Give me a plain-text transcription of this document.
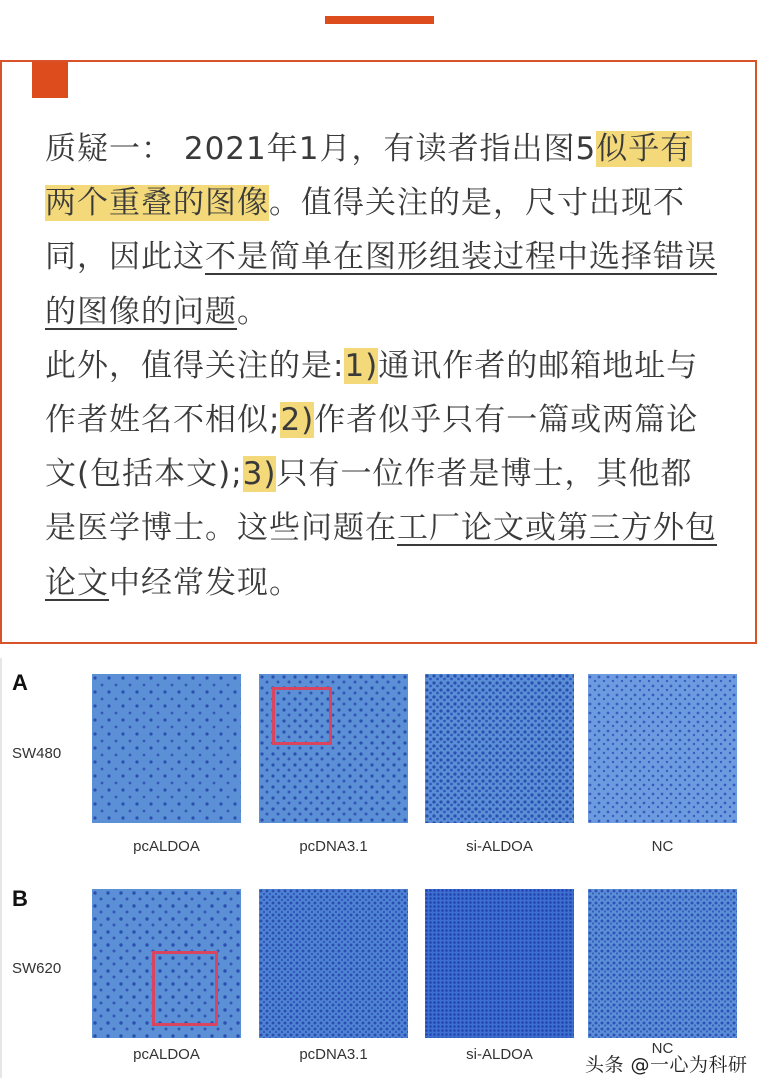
质疑一： 2021年1月，有读者指出图5似乎有两个重叠的图像。值得关注的是，尺寸出现不同，因此这不是简单在图形组装过程中选择错误的图像的问题。

此外，值得关注的是:1)通讯作者的邮箱地址与作者姓名不相似;2)作者似乎只有一篇或两篇论文(包括本文);3)只有一位作者是博士，其他都是医学博士。这些问题在工厂论文或第三方外包论文中经常发现。

A
SW480
pcALDOA	pcDNA3.1	si-ALDOA	NC
B
SW620
pcALDOA	pcDNA3.1	si-ALDOA	NC
头条 @一心为科研
